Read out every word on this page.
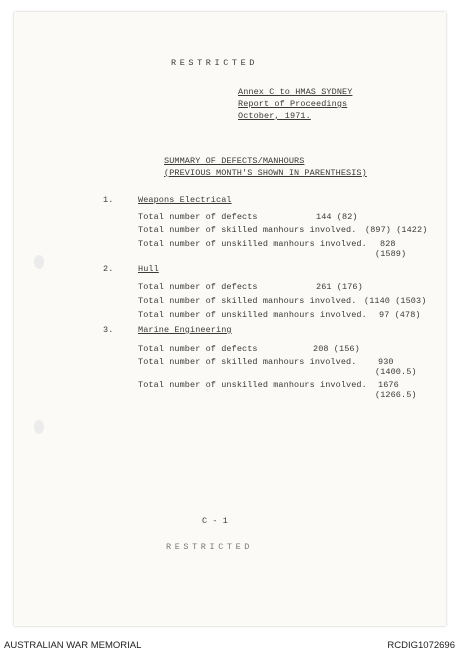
RESTRICTED
Annex C to HMAS SYDNEY
Report of Proceedings
October, 1971.
SUMMARY OF DEFECTS/MANHOURS
(PREVIOUS MONTH'S SHOWN IN PARENTHESIS)
1.	Weapons Electrical
Total number of defects	144 (82)
Total number of skilled manhours involved. (897) (1422)
Total number of unskilled manhours involved. 828
(1589)
2.	Hull
Total number of defects	261 (176)
Total number of skilled manhours involved. (1140 (1503)
Total number of unskilled manhours involved. 97 (478)
3.	Marine Engineering
Total number of defects	208 (156)
Total number of skilled manhours involved.	930
(1400.5)
Total number of unskilled manhours involved. 1676
(1266.5)
C - 1
RESTRICTED
AUSTRALIAN WAR MEMORIAL	RCDIG1072696
